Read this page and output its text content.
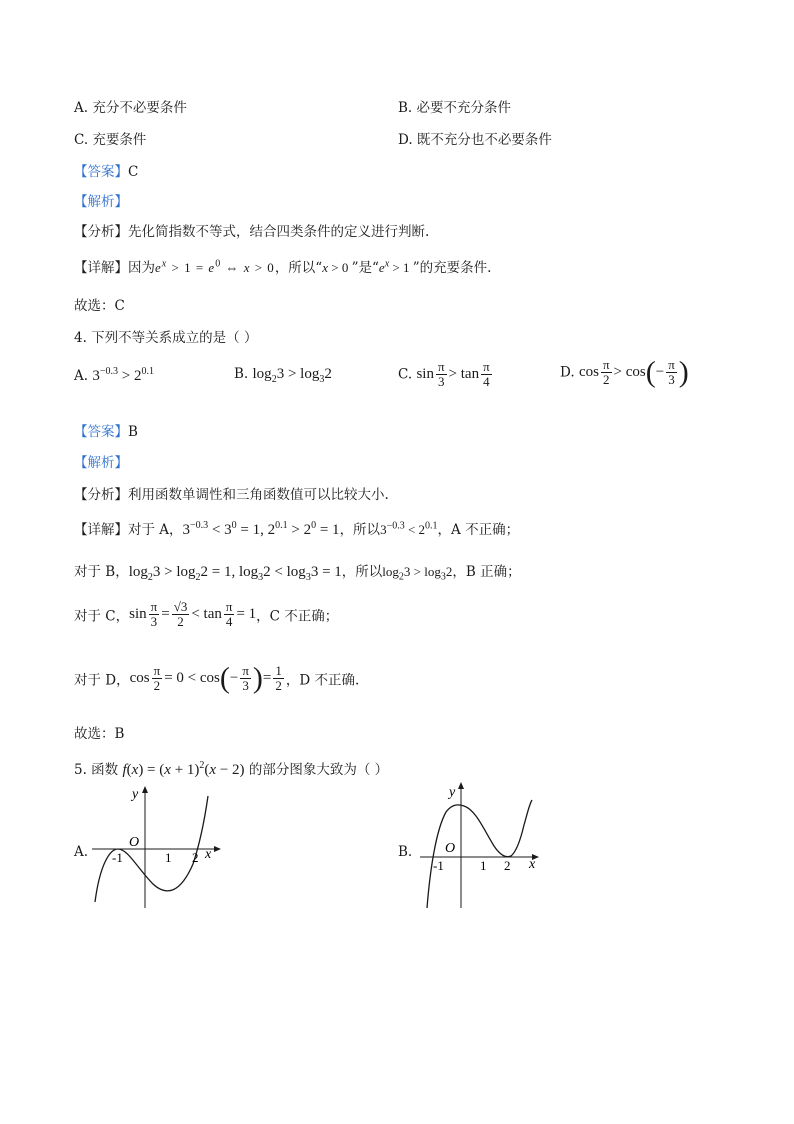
A. 充分不必要条件	B. 必要不充分条件
C. 充要条件	D. 既不充分也不必要条件
【答案】C
【解析】
【分析】先化简指数不等式，结合四类条件的定义进行判断.
【详解】因为$e^x > 1 = e^0$ ⇔ x > 0，所以“x > 0 ”是“$e^x > 1$ ”的充要条件.
故选：C
4. 下列不等关系成立的是（ ）
A. $3^{-0.3} > 2^{0.1}$	B. $\log_23 > \log_32$	C. $\sin \frac{\pi}{3} > \tan \frac{\pi}{4}$	D. $\cos \frac{\pi}{2} > \cos(- \frac{\pi}{3}$ )
【答案】B
【解析】
【分析】利用函数单调性和三角函数值可以比较大小.
【详解】对于 A，$3^{-0.3} < 3^0 = 1$, $2^{0.1} > 2^0 = 1$，所以$3^{-0.3} < 2^{0.1}$，A 不正确；
对于 B，$\log_23 > \log_22 = 1$, $\log_32 < \log_33 = 1$，所以$\log_23 > \log_32$，B 正确；
对于 C，$\sin \frac{\pi}{3} = \frac{√3}{2} < \tan \frac{\pi}{4} = 1$，C 不正确；
对于 D，$\cos \frac{\pi}{2} = 0 < \cos(- \frac{\pi}{3}$ )= $\frac{1}{2}$ ，D 不正确.
故选：B
5. 函数 $f(x) = (x + 1)^2(x - 2)$ 的部分图象大致为（ ）
A.
y
x
O
-1	1 2	B.
y
x
O
-1	1 2
